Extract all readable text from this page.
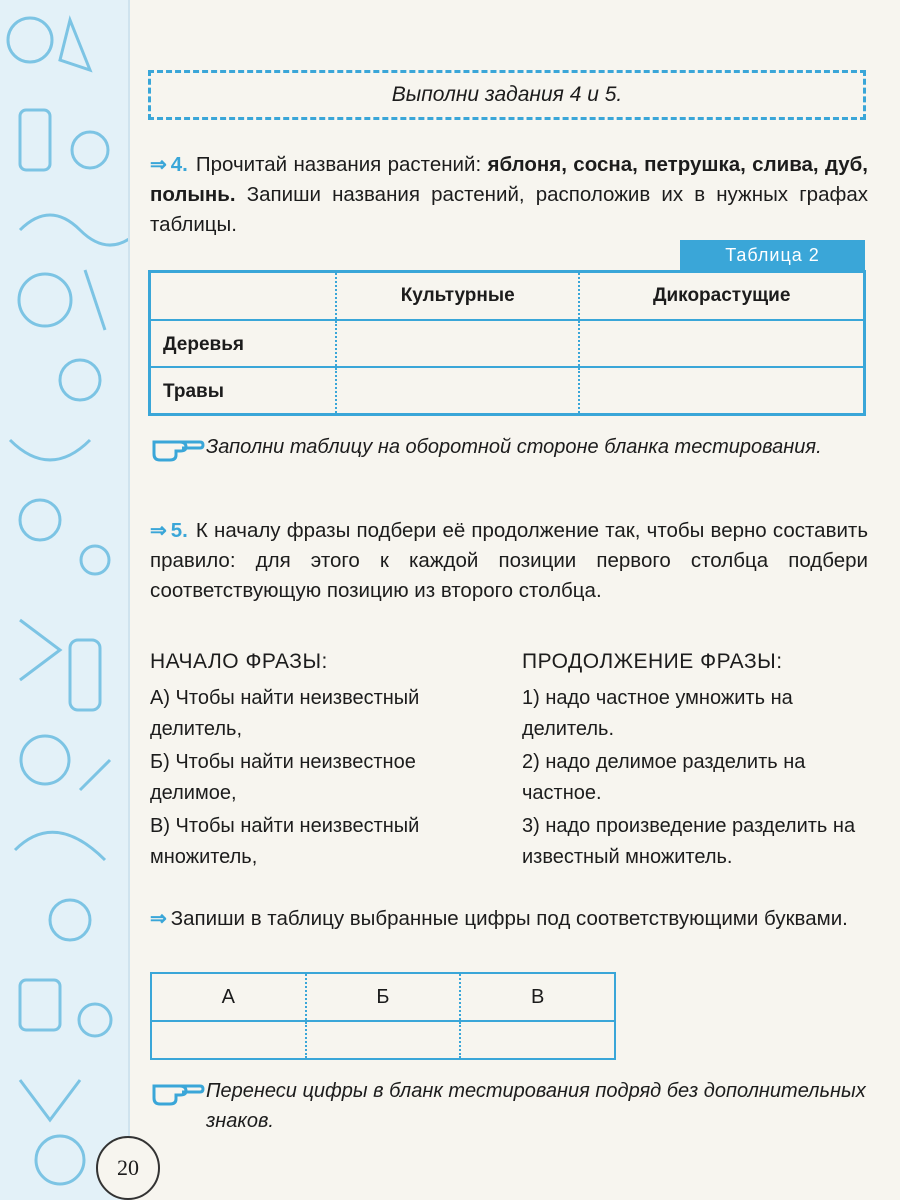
Выполни задания 4 и 5.
⇒ 4. Прочитай названия растений: яблоня, сосна, петрушка, слива, дуб, полынь. Запиши названия растений, расположив их в нужных графах таблицы.
Таблица 2
	Культурные	Дикорастущие
Деревья		
Травы		
Заполни таблицу на оборотной стороне бланка тестирования.
⇒ 5. К началу фразы подбери её продолжение так, чтобы верно составить правило: для этого к каждой позиции первого столбца подбери соответствующую позицию из второго столбца.
НАЧАЛО ФРАЗЫ:
А) Чтобы найти неизвестный делитель,
Б) Чтобы найти неизвестное делимое,
В) Чтобы найти неизвестный множитель,
ПРОДОЛЖЕНИЕ ФРАЗЫ:
1) надо частное умножить на делитель.
2) надо делимое разделить на частное.
3) надо произведение разделить на известный множитель.
⇒ Запиши в таблицу выбранные цифры под соответствующими буквами.
А	Б	В

Перенеси цифры в бланк тестирования подряд без дополнительных знаков.
20
